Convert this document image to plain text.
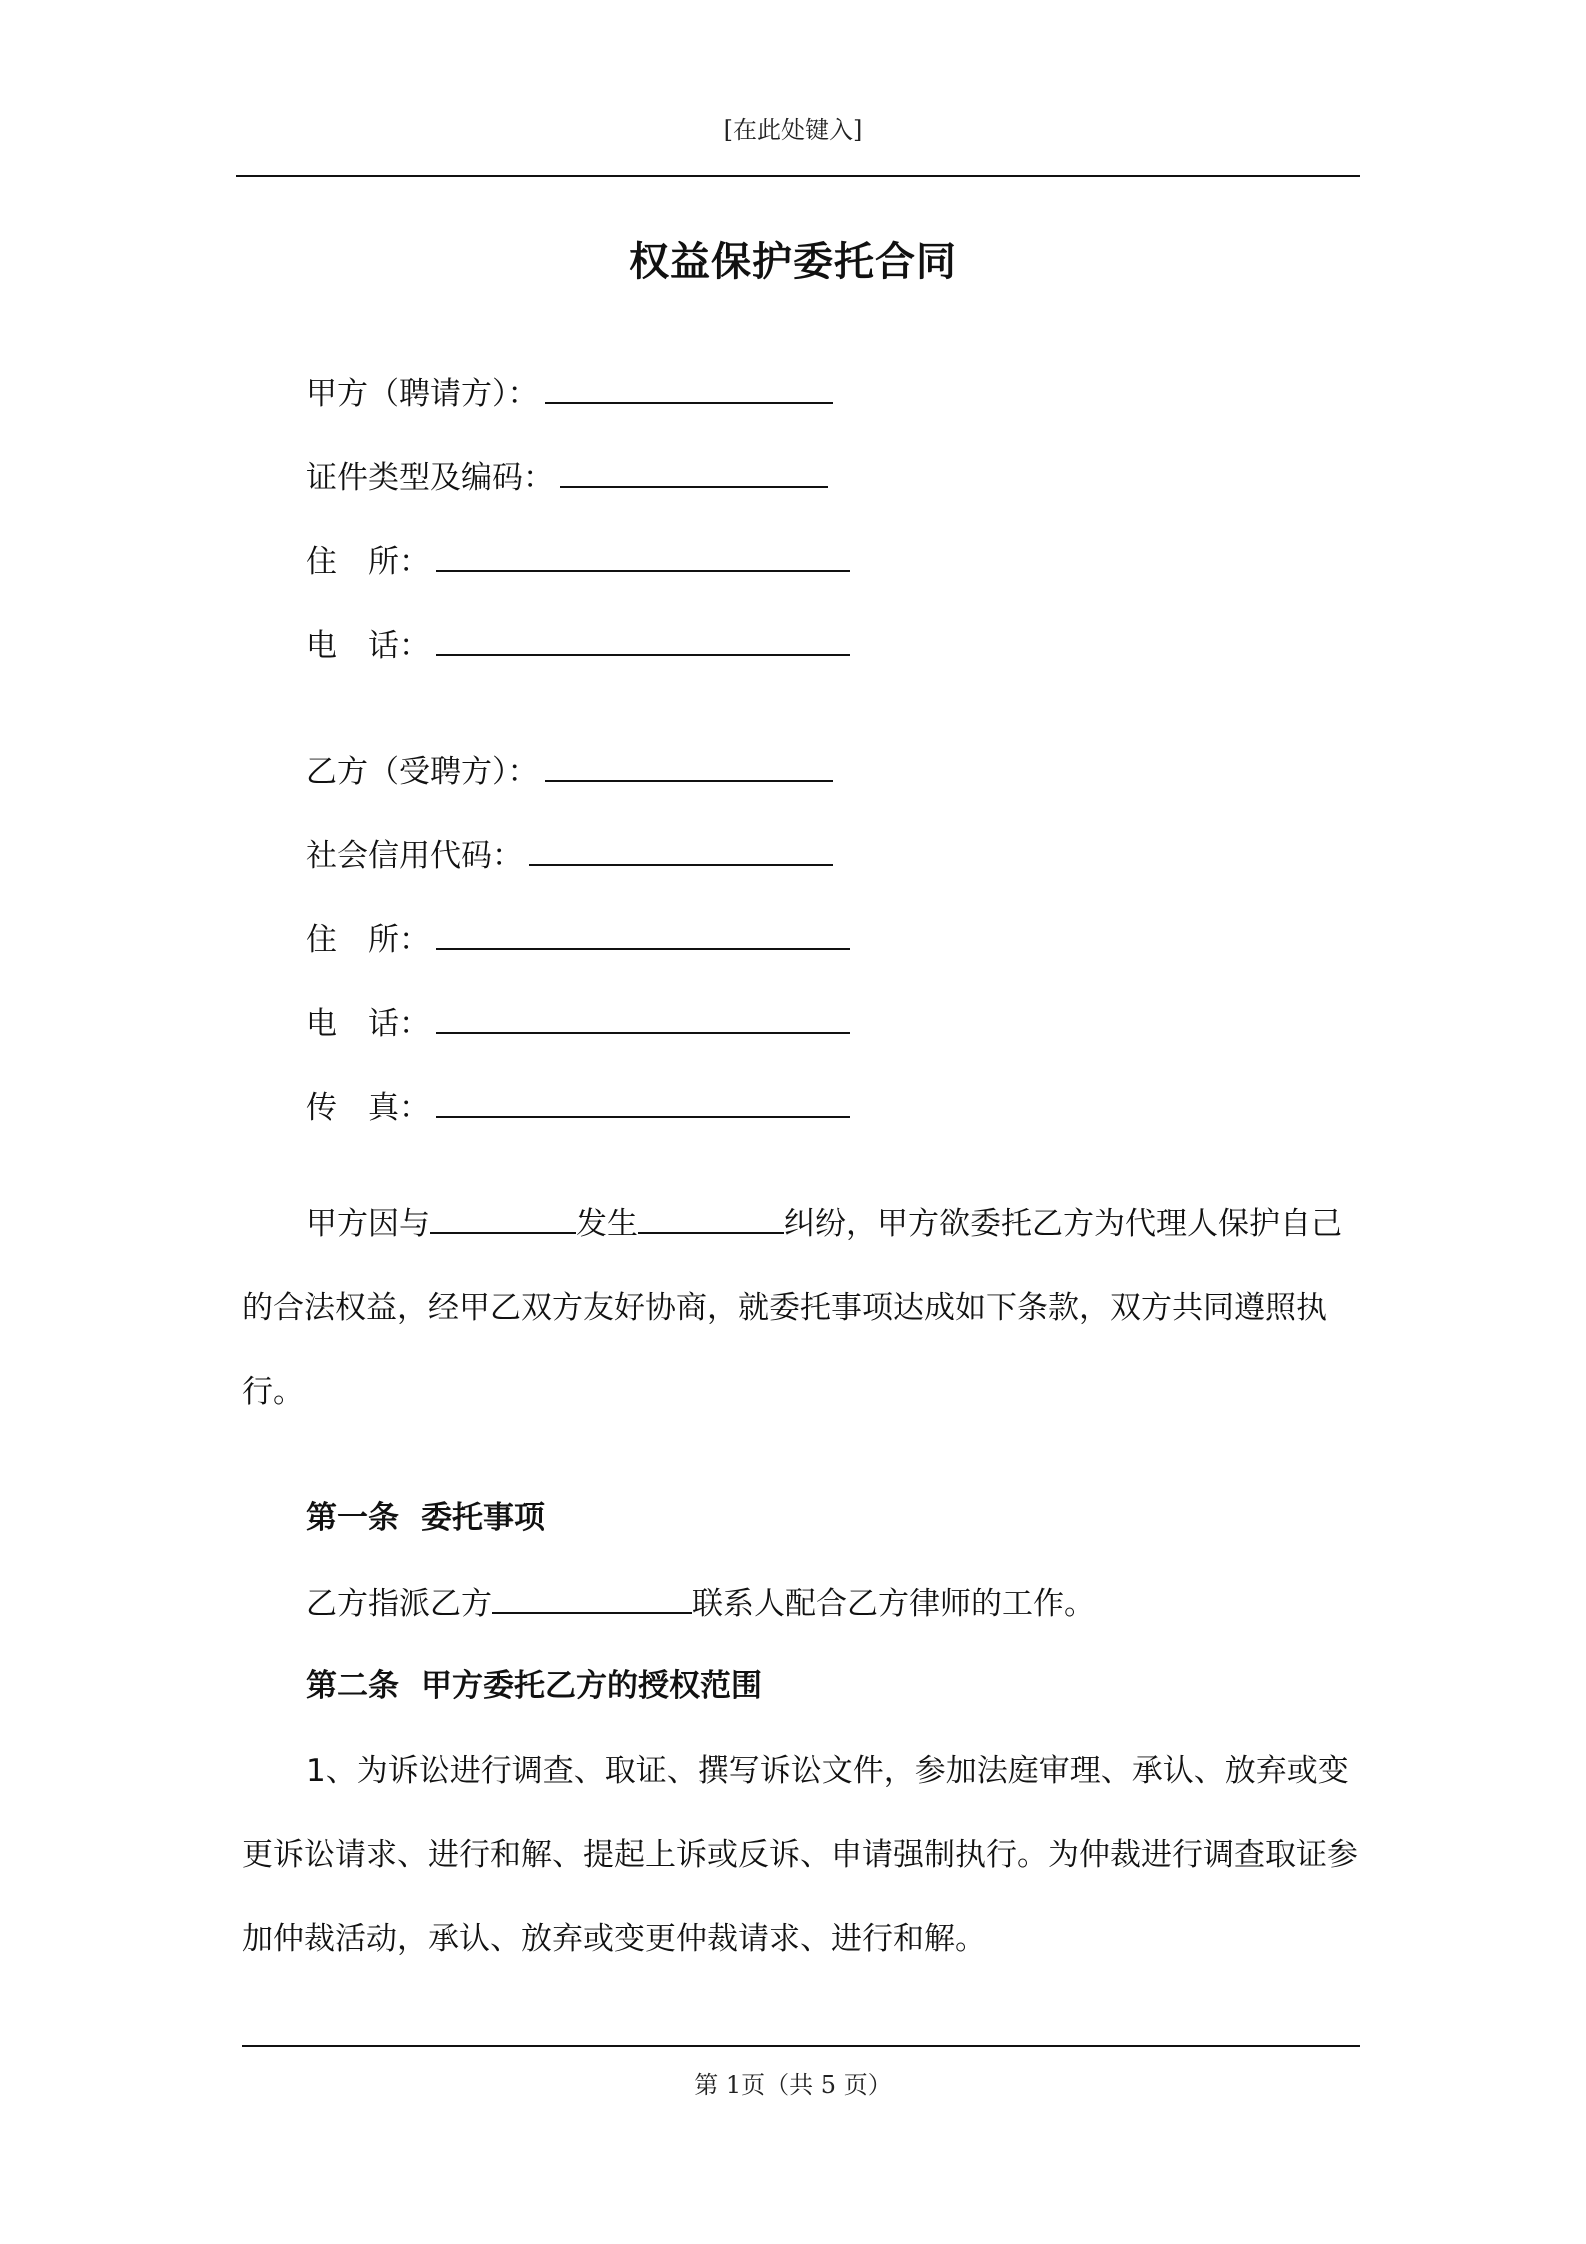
[在此处键入]
权益保护委托合同
甲方（聘请方）：
证件类型及编码：
住　所：
电　话：
乙方（受聘方）：
社会信用代码：
住　所：
电　话：
传　真：
甲方因与	发生	纠纷，甲方欲委托乙方为代理人保护自己的合法权益，经甲乙双方友好协商，就委托事项达成如下条款，双方共同遵照执行。
第一条 委托事项
乙方指派乙方	联系人配合乙方律师的工作。
第二条 甲方委托乙方的授权范围
1、为诉讼进行调查、取证、撰写诉讼文件，参加法庭审理、承认、放弃或变更诉讼请求、进行和解、提起上诉或反诉、申请强制执行。为仲裁进行调查取证参加仲裁活动，承认、放弃或变更仲裁请求、进行和解。
第 1页（共 5 页）
